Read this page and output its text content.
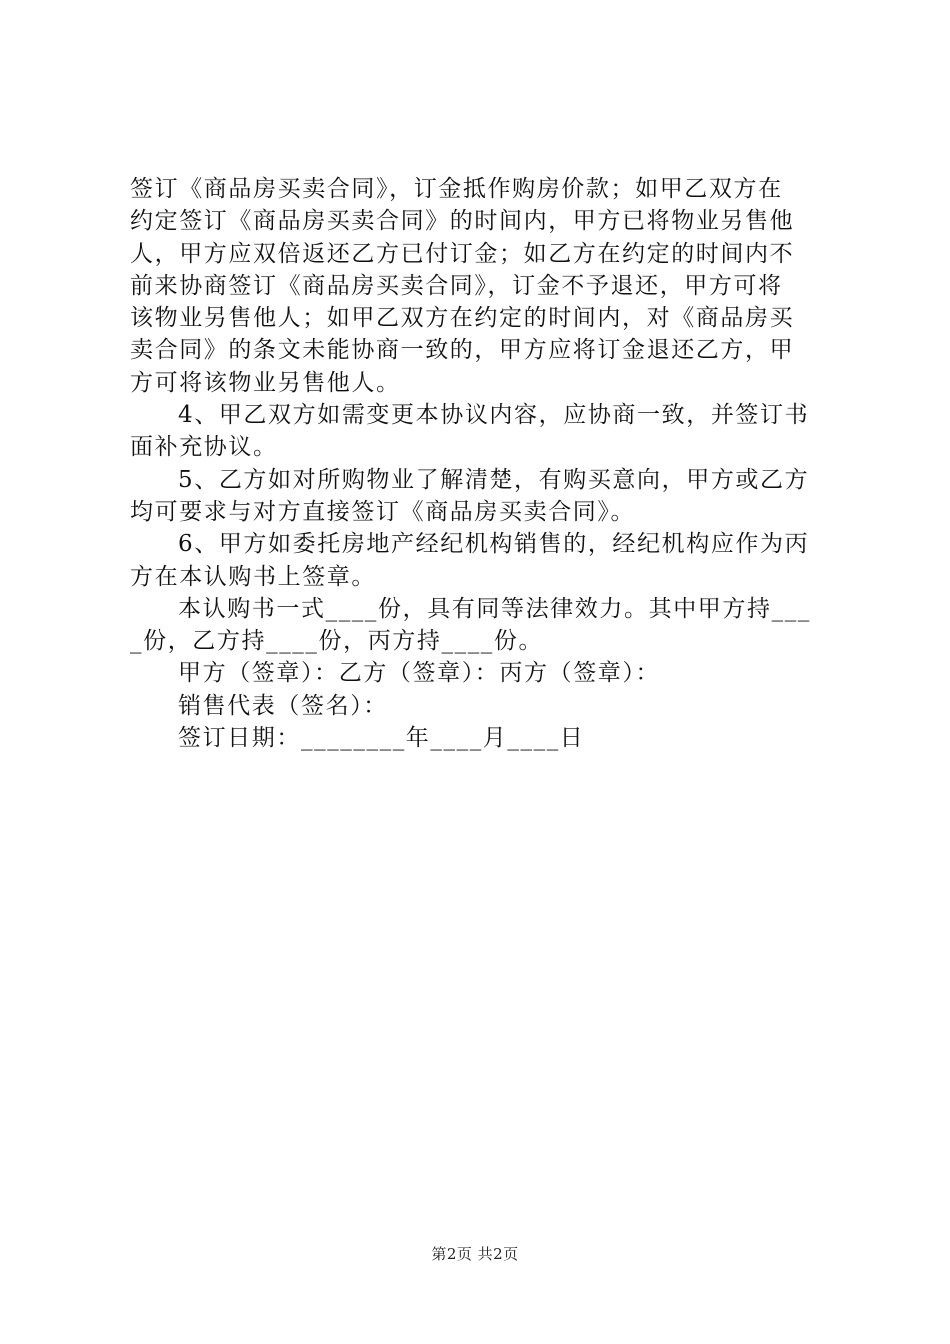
签订《商品房买卖合同》，订金抵作购房价款；如甲乙双方在
约定签订《商品房买卖合同》的时间内，甲方已将物业另售他
人，甲方应双倍返还乙方已付订金；如乙方在约定的时间内不
前来协商签订《商品房买卖合同》，订金不予退还，甲方可将
该物业另售他人；如甲乙双方在约定的时间内，对《商品房买
卖合同》的条文未能协商一致的，甲方应将订金退还乙方，甲
方可将该物业另售他人。
4、甲乙双方如需变更本协议内容，应协商一致，并签订书
面补充协议。
5、乙方如对所购物业了解清楚，有购买意向，甲方或乙方
均可要求与对方直接签订《商品房买卖合同》。
6、甲方如委托房地产经纪机构销售的，经纪机构应作为丙
方在本认购书上签章。
本认购书一式____份，具有同等法律效力。其中甲方持___
_份，乙方持____份，丙方持____份。
甲方（签章）：乙方（签章）：丙方（签章）：
销售代表（签名）：
签订日期：________年____月____日
第2页 共2页
